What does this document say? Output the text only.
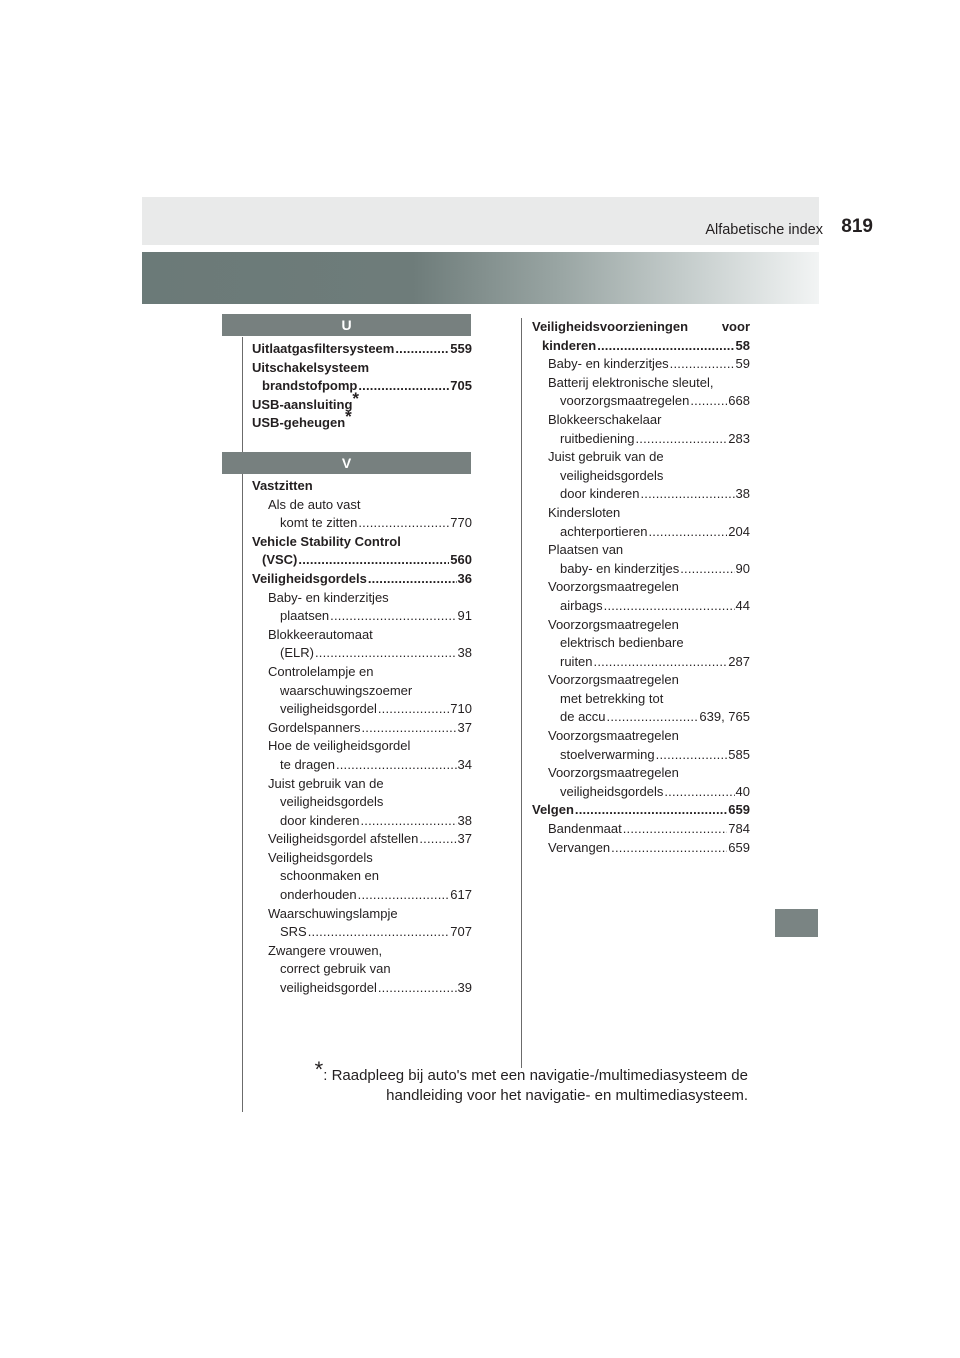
Alfabetische index 819
U
V
Uitlaatgasfiltersysteem .....	559
Uitschakelsysteem
brandstofpomp .....	705
USB-aansluiting*
USB-geheugen*
Vastzitten
Als de auto vast
komt te zitten .....	770
Vehicle Stability Control
(VSC) .....	560
Veiligheidsgordels .....	36
Baby- en kinderzitjes
plaatsen .....	91
Blokkeerautomaat
(ELR) .....	38
Controlelampje en
waarschuwingszoemer
veiligheidsgordel .....	710
Gordelspanners .....	37
Hoe de veiligheidsgordel
te dragen .....	34
Juist gebruik van de
veiligheidsgordels
door kinderen .....	38
Veiligheidsgordel afstellen .....	37
Veiligheidsgordels
schoonmaken en
onderhouden .....	617
Waarschuwingslampje
SRS .....	707
Zwangere vrouwen,
correct gebruik van
veiligheidsgordel .....	39
Veiligheidsvoorzieningen	voor
kinderen .....	58
Baby- en kinderzitjes .....	59
Batterij elektronische sleutel,
voorzorgsmaatregelen .....	668
Blokkeerschakelaar
ruitbediening .....	283
Juist gebruik van de
veiligheidsgordels
door kinderen .....	38
Kindersloten
achterportieren .....	204
Plaatsen van
baby- en kinderzitjes .....	90
Voorzorgsmaatregelen
airbags .....	44
Voorzorgsmaatregelen
elektrisch bedienbare
ruiten .....	287
Voorzorgsmaatregelen
met betrekking tot
de accu .....	639, 765
Voorzorgsmaatregelen
stoelverwarming .....	585
Voorzorgsmaatregelen
veiligheidsgordels .....	40
Velgen .....	659
Bandenmaat .....	784
Vervangen .....	659
*: Raadpleeg bij auto's met een navigatie-/multimediasysteem de
handleiding voor het navigatie- en multimediasysteem.
